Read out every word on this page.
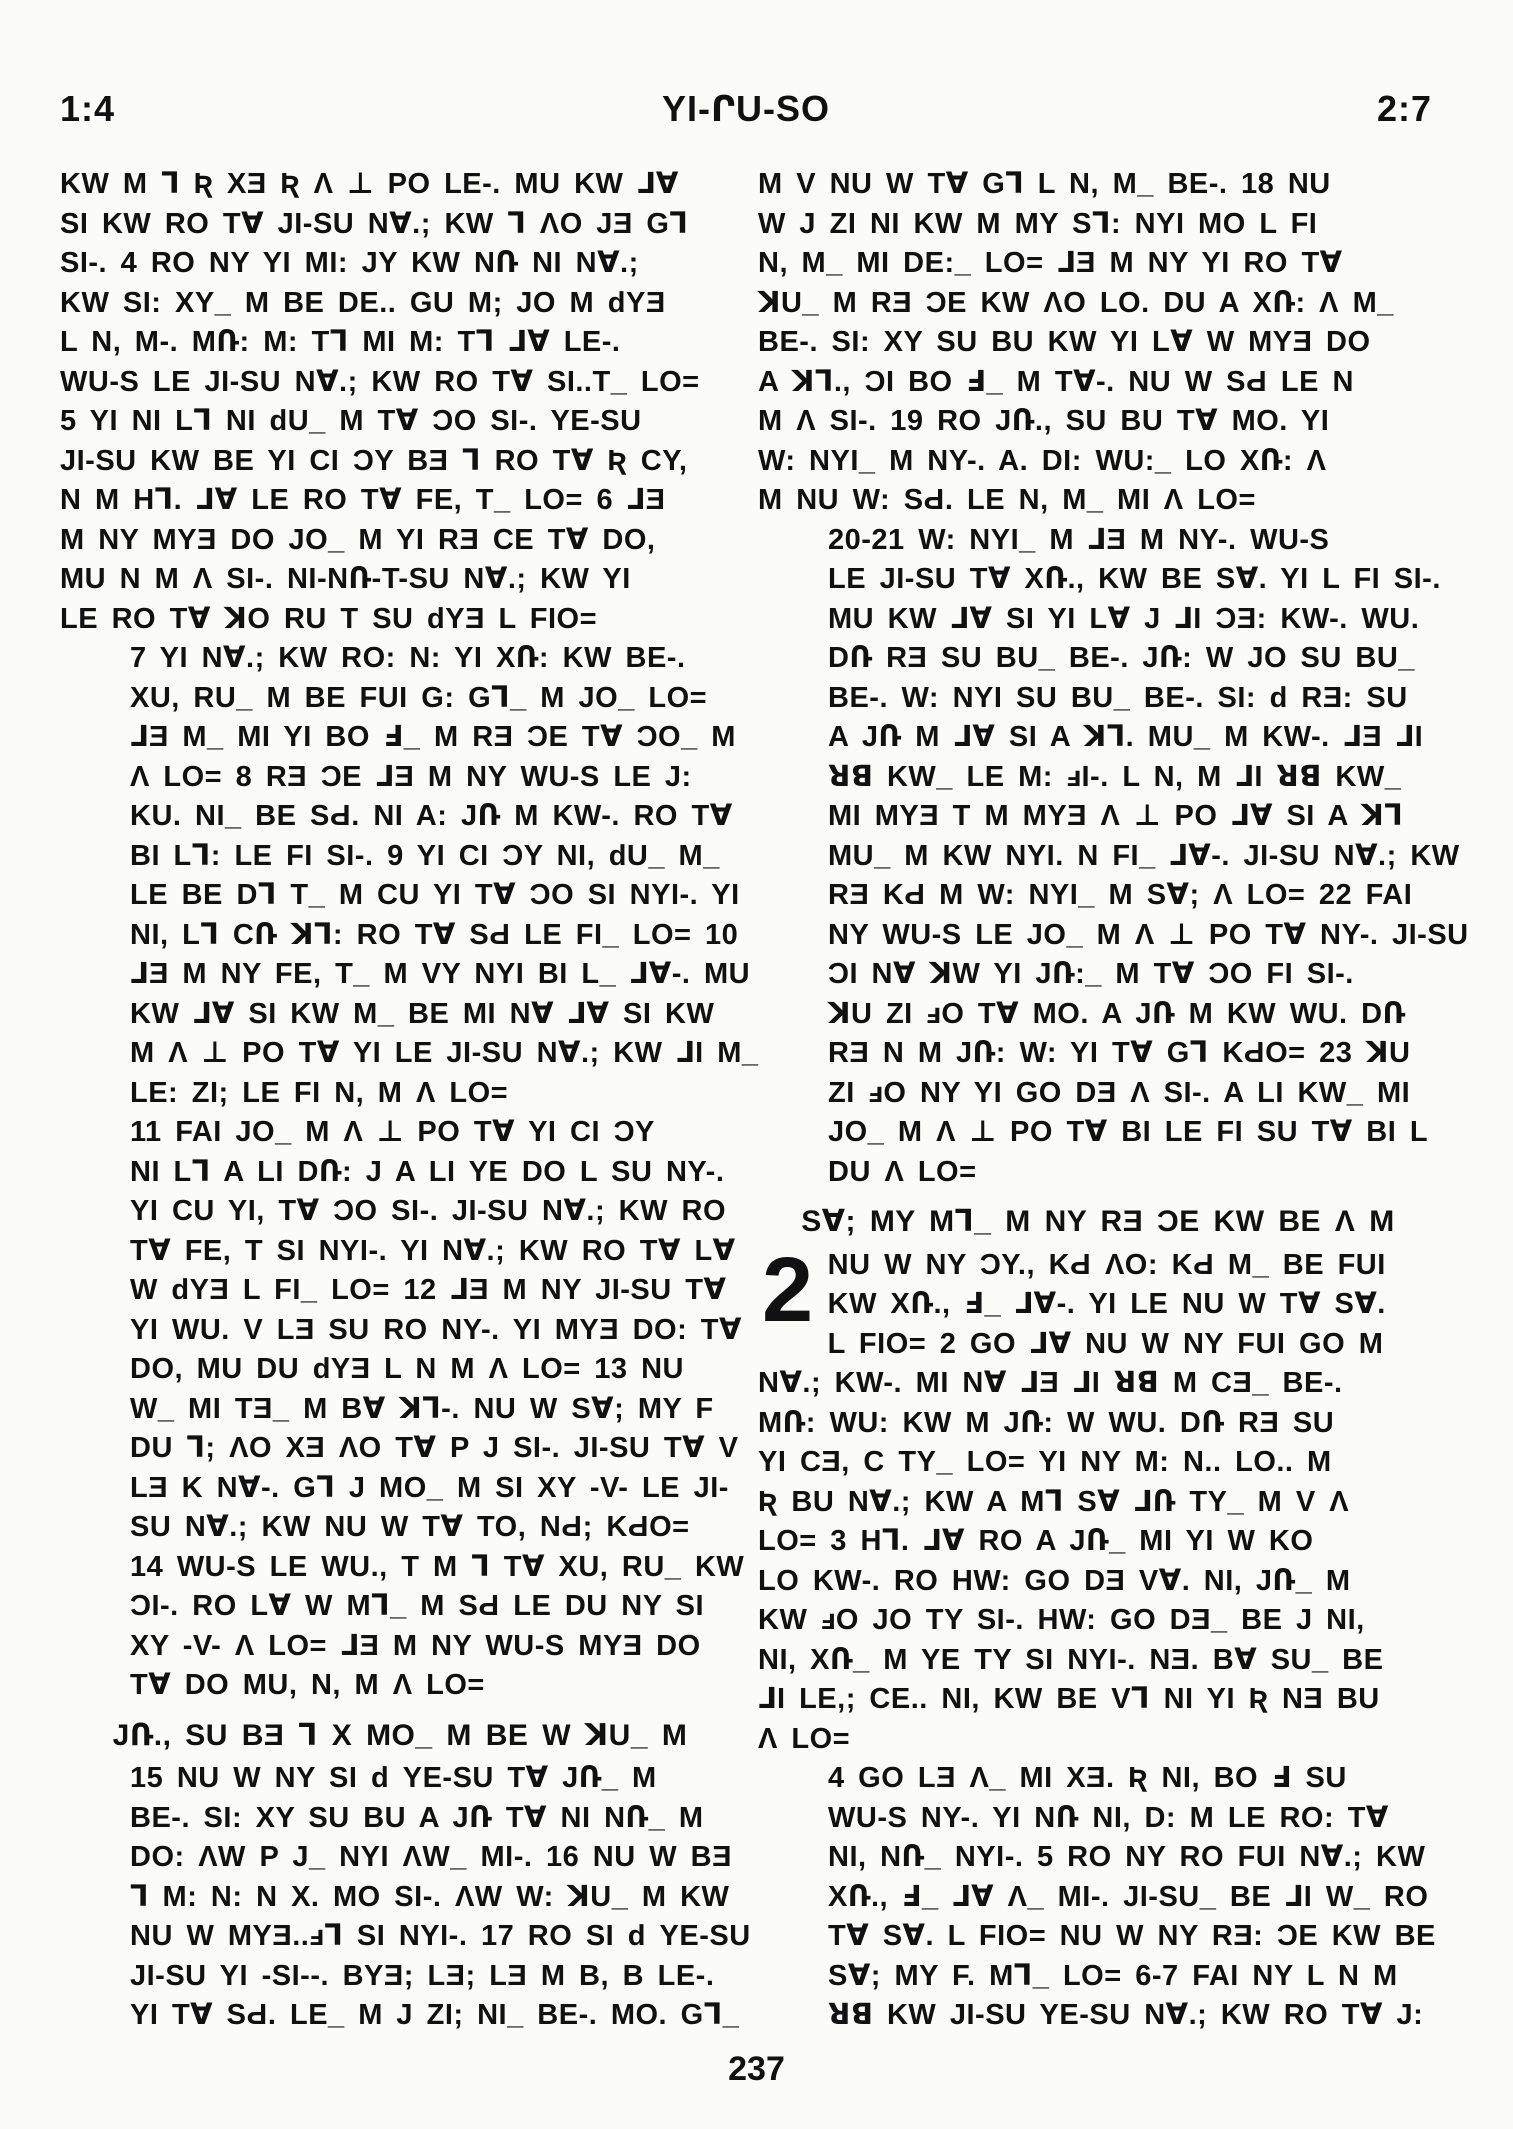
1:4	YI-ՐU-SO	2:7

KW M Ꞁ Ʀ XƎ Ʀ Λ ⊥ PO LE-. MU KW ⅃Ɐ
SI KW RO TⱯ JI-SU NⱯ.; KW Ꞁ ɅO JƎ GꞀ
SI-. 4 RO NY YI MI: JY KW NՌ NI NⱯ.;
KW SI: XY_ M BE DE.. GU M; JO M ԁYƎ
L N, M-. MՌ: M: TꞀ MI M: TꞀ ⅃Ɐ LE-.
WU-S LE JI-SU NⱯ.; KW RO TⱯ SI..T_ LO=
5 YI NI LꞀ NI ԁU_ M TⱯ ƆO SI-. YE-SU
JI-SU KW BE YI CI ƆY BƎ Ꞁ RO TⱯ Ʀ CY,
N M HꞀ. ⅃Ɐ LE RO TⱯ FE, T_ LO= 6 ⅃Ǝ
M NY MYƎ DO JO_ M YI RƎ CE TⱯ DO,
MU N M Λ SI-. NI-NՌ-T-SU NⱯ.; KW YI
LE RO TⱯ ꓘO RU T SU ԁYƎ L FIO=

7 YI NⱯ.; KW RO: N: YI XՌ: KW BE-.
XU, RU_ M BE FUI G: GꞀ_ M JO_ LO=
⅃Ǝ M_ MI YI BO Ⅎ_ M RƎ ƆE TⱯ ƆO_ M
Λ LO= 8 RƎ ƆE ⅃Ǝ M NY WU-S LE J:
KU. NI_ BE SԀ. NI A: JՌ M KW-. RO TⱯ
BI LꞀ: LE FI SI-. 9 YI CI ƆY NI, ԁU_ M_
LE BE DꞀ T_ M CU YI TⱯ ƆO SI NYI-. YI
NI, LꞀ CՌ ꓘꞀ: RO TⱯ SԀ LE FI_ LO= 10
⅃Ǝ M NY FE, T_ M VY NYI BI L_ ⅃Ɐ-. MU
KW ⅃Ɐ SI KW M_ BE MI NⱯ ⅃Ɐ SI KW
M Λ ⊥ PO TⱯ YI LE JI-SU NⱯ.; KW ⅃I M_
LE: ZI; LE FI N, M Λ LO=

11 FAI JO_ M Λ ⊥ PO TⱯ YI CI ƆY
NI LꞀ A LI DՌ: J A LI YE DO L SU NY-.
YI CU YI, TⱯ ƆO SI-. JI-SU NⱯ.; KW RO
TⱯ FE, T SI NYI-. YI NⱯ.; KW RO TⱯ LⱯ
W ԁYƎ L FI_ LO= 12 ⅃Ǝ M NY JI-SU TⱯ
YI WU. V LƎ SU RO NY-. YI MYƎ DO: TⱯ
DO, MU DU ԁYƎ L N M Λ LO= 13 NU
W_ MI TƎ_ M BⱯ ꓘꞀ-. NU W SⱯ; MY F
DU Ꞁ; ɅO XƎ ɅO TⱯ P J SI-. JI-SU TⱯ V
LƎ K NⱯ-. GꞀ J MO_ M SI XY -V- LE JI-
SU NⱯ.; KW NU W TⱯ TO, NԀ; KԀO=
14 WU-S LE WU., T M Ꞁ TⱯ XU, RU_ KW
ƆI-. RO LⱯ W MꞀ_ M SԀ LE DU NY SI
XY -V- Λ LO= ⅃Ǝ M NY WU-S MYƎ DO
TⱯ DO MU, N, M Λ LO=

JՌ., SU BƎ Ꞁ X MO_ M BE W ꓘU_ M

15 NU W NY SI ԁ YE-SU TⱯ JՌ_ M
BE-. SI: XY SU BU A JՌ TⱯ NI NՌ_ M
DO: ɅW P J_ NYI ɅW_ MI-. 16 NU W BƎ
Ꞁ M: N: N X. MO SI-. ɅW W: ꓘU_ M KW
NU W MYƎ..ⅎꞀ SI NYI-. 17 RO SI ԁ YE-SU
JI-SU YI -SI--. BYƎ; LƎ; LƎ M B, B LE-.
YI TⱯ SԀ. LE_ M J ZI; NI_ BE-. MO. GꞀ_

M V NU W TⱯ GꞀ L N, M_ BE-. 18 NU
W J ZI NI KW M MY SꞀ: NYI MO L FI
N, M_ MI DE:_ LO= ⅃Ǝ M NY YI RO TⱯ
ꓘU_ M RƎ ƆE KW ɅO LO. DU A XՌ: Λ M_
BE-. SI: XY SU BU KW YI LⱯ W MYƎ DO
A ꓘꞀ., ƆI BO Ⅎ_ M TⱯ-. NU W SԀ LE N
M Λ SI-. 19 RO JՌ., SU BU TⱯ MO. YI
W: NYI_ M NY-. A. DI: WU:_ LO XՌ: Λ
M NU W: SԀ. LE N, M_ MI Λ LO=

20-21 W: NYI_ M ⅃Ǝ M NY-. WU-S
LE JI-SU TⱯ XՌ., KW BE SⱯ. YI L FI SI-.
MU KW ⅃Ɐ SI YI LⱯ J ⅃I ƆƎ: KW-. WU.
DՌ RƎ SU BU_ BE-. JՌ: W JO SU BU_
BE-. W: NYI SU BU_ BE-. SI: ԁ RƎ: SU
A JՌ M ⅃Ɐ SI A ꓘꞀ. MU_ M KW-. ⅃Ǝ ⅃I
ꓤꓭ KW_ LE M: ⅎI-. L N, M ⅃I ꓤꓭ KW_
MI MYƎ T M MYƎ Λ ⊥ PO ⅃Ɐ SI A ꓘꞀ
MU_ M KW NYI. N FI_ ⅃Ɐ-. JI-SU NⱯ.; KW
RƎ KԀ M W: NYI_ M SⱯ; Λ LO= 22 FAI
NY WU-S LE JO_ M Λ ⊥ PO TⱯ NY-. JI-SU
ƆI NⱯ ꓘW YI JՌ:_ M TⱯ ƆO FI SI-.
ꓘU ZI ⅎO TⱯ MO. A JՌ M KW WU. DՌ
RƎ N M JՌ: W: YI TⱯ GꞀ KԀO= 23 ꓘU
ZI ⅎO NY YI GO DƎ Λ SI-. A LI KW_ MI
JO_ M Λ ⊥ PO TⱯ BI LE FI SU TⱯ BI L
DU Λ LO=

SⱯ; MY MꞀ_ M NY RƎ ƆE KW BE Λ M
2 NU W NY ƆY., KԀ ɅO: KԀ M_ BE FUI
KW XՌ., Ⅎ_ ⅃Ɐ-. YI LE NU W TⱯ SⱯ.

L FIO= 2 GO ⅃Ɐ NU W NY FUI GO M
NⱯ.; KW-. MI NⱯ ⅃Ǝ ⅃I ꓤꓭ M CƎ_ BE-.
MՌ: WU: KW M JՌ: W WU. DՌ RƎ SU
YI CƎ, C TY_ LO= YI NY M: N.. LO.. M
Ʀ BU NⱯ.; KW A MꞀ SⱯ ⅃Ռ TY_ M V Λ
LO= 3 HꞀ. ⅃Ɐ RO A JՌ_ MI YI W KO
LO KW-. RO HW: GO DƎ VⱯ. NI, JՌ_ M
KW ⅎO JO TY SI-. HW: GO DƎ_ BE J NI,
NI, XՌ_ M YE TY SI NYI-. NƎ. BⱯ SU_ BE
⅃I LE,; CE.. NI, KW BE VꞀ NI YI Ʀ NƎ BU
Λ LO=

4 GO LƎ Λ_ MI XƎ. Ʀ NI, BO Ⅎ SU
WU-S NY-. YI NՌ NI, D: M LE RO: TⱯ
NI, NՌ_ NYI-. 5 RO NY RO FUI NⱯ.; KW
XՌ., Ⅎ_ ⅃Ɐ Λ_ MI-. JI-SU_ BE ⅃I W_ RO
TⱯ SⱯ. L FIO= NU W NY RƎ: ƆE KW BE
SⱯ; MY F. MꞀ_ LO= 6-7 FAI NY L N M
ꓤꓭ KW JI-SU YE-SU NⱯ.; KW RO TⱯ J:

237
